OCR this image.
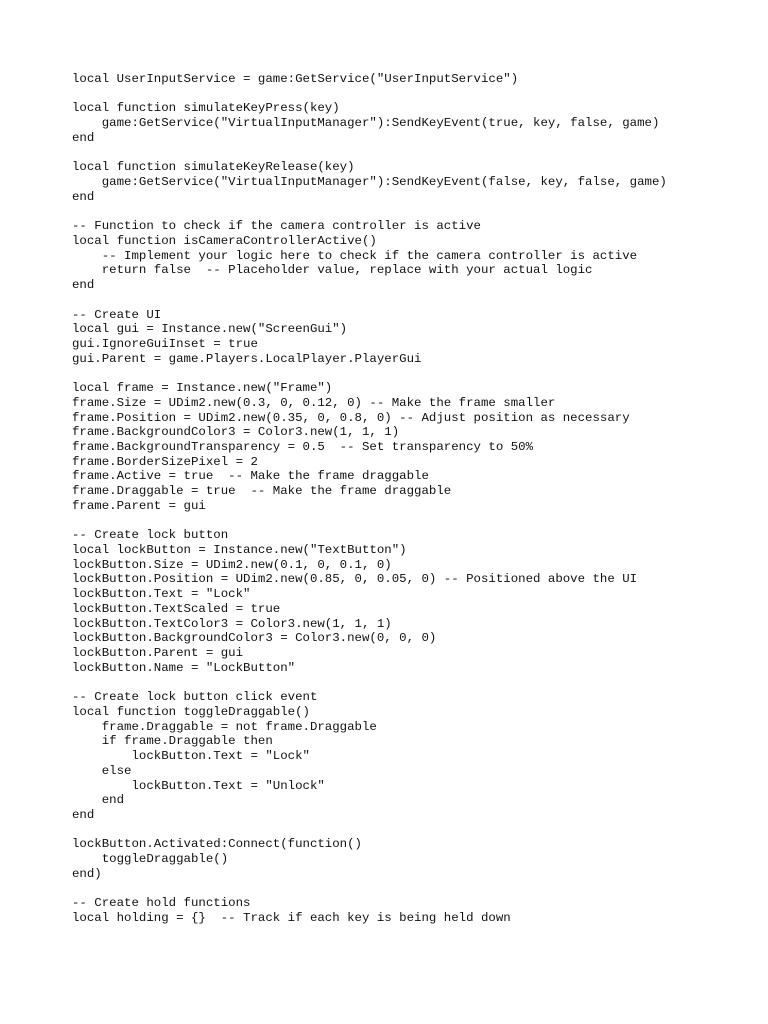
local UserInputService = game:GetService("UserInputService")
local function simulateKeyPress(key)
game:GetService("VirtualInputManager"):SendKeyEvent(true, key, false, game)
end
local function simulateKeyRelease(key)
game:GetService("VirtualInputManager"):SendKeyEvent(false, key, false, game)
end
-- Function to check if the camera controller is active
local function isCameraControllerActive()
-- Implement your logic here to check if the camera controller is active
return false  -- Placeholder value, replace with your actual logic
end
-- Create UI
local gui = Instance.new("ScreenGui")
gui.IgnoreGuiInset = true
gui.Parent = game.Players.LocalPlayer.PlayerGui
local frame = Instance.new("Frame")
frame.Size = UDim2.new(0.3, 0, 0.12, 0) -- Make the frame smaller
frame.Position = UDim2.new(0.35, 0, 0.8, 0) -- Adjust position as necessary
frame.BackgroundColor3 = Color3.new(1, 1, 1)
frame.BackgroundTransparency = 0.5  -- Set transparency to 50%
frame.BorderSizePixel = 2
frame.Active = true  -- Make the frame draggable
frame.Draggable = true  -- Make the frame draggable
frame.Parent = gui
-- Create lock button
local lockButton = Instance.new("TextButton")
lockButton.Size = UDim2.new(0.1, 0, 0.1, 0)
lockButton.Position = UDim2.new(0.85, 0, 0.05, 0) -- Positioned above the UI
lockButton.Text = "Lock"
lockButton.TextScaled = true
lockButton.TextColor3 = Color3.new(1, 1, 1)
lockButton.BackgroundColor3 = Color3.new(0, 0, 0)
lockButton.Parent = gui
lockButton.Name = "LockButton"
-- Create lock button click event
local function toggleDraggable()
frame.Draggable = not frame.Draggable
if frame.Draggable then
lockButton.Text = "Lock"
else
lockButton.Text = "Unlock"
end
end
lockButton.Activated:Connect(function()
toggleDraggable()
end)
-- Create hold functions
local holding = {}  -- Track if each key is being held down
